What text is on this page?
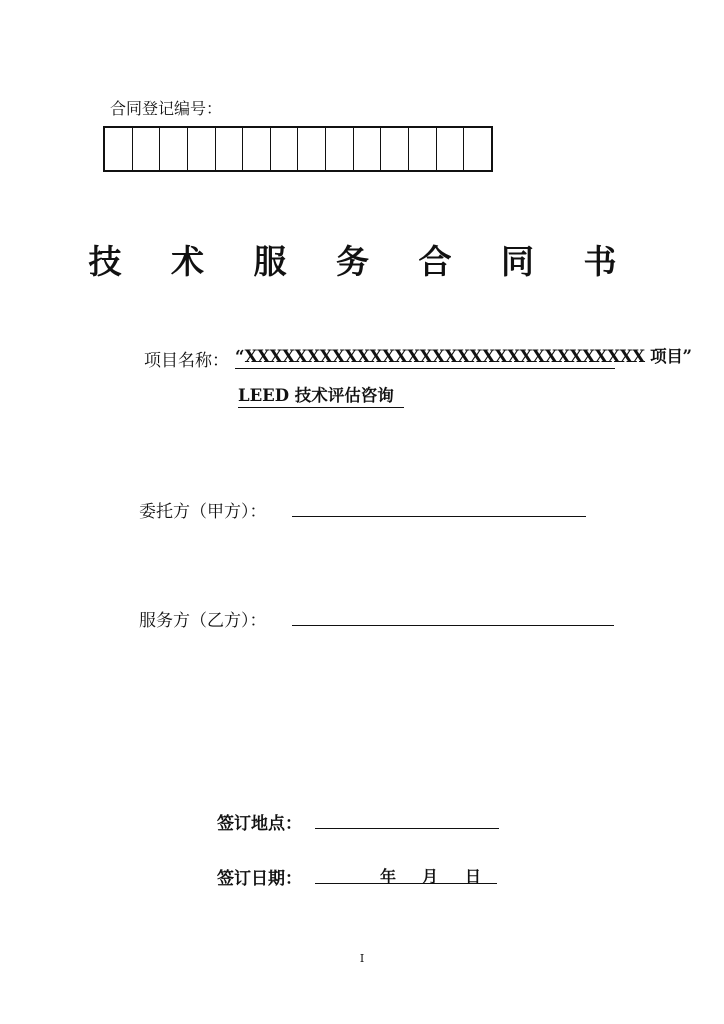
合同登记编号：
技 术 服 务 合 同 书
项目名称： “XXXXXXXXXXXXXXXXXXXXXXXXXXXXXXXX 项目”
LEED 技术评估咨询
委托方（甲方）：
服务方（乙方）：
签订地点：
签订日期：	年 月 日
I
